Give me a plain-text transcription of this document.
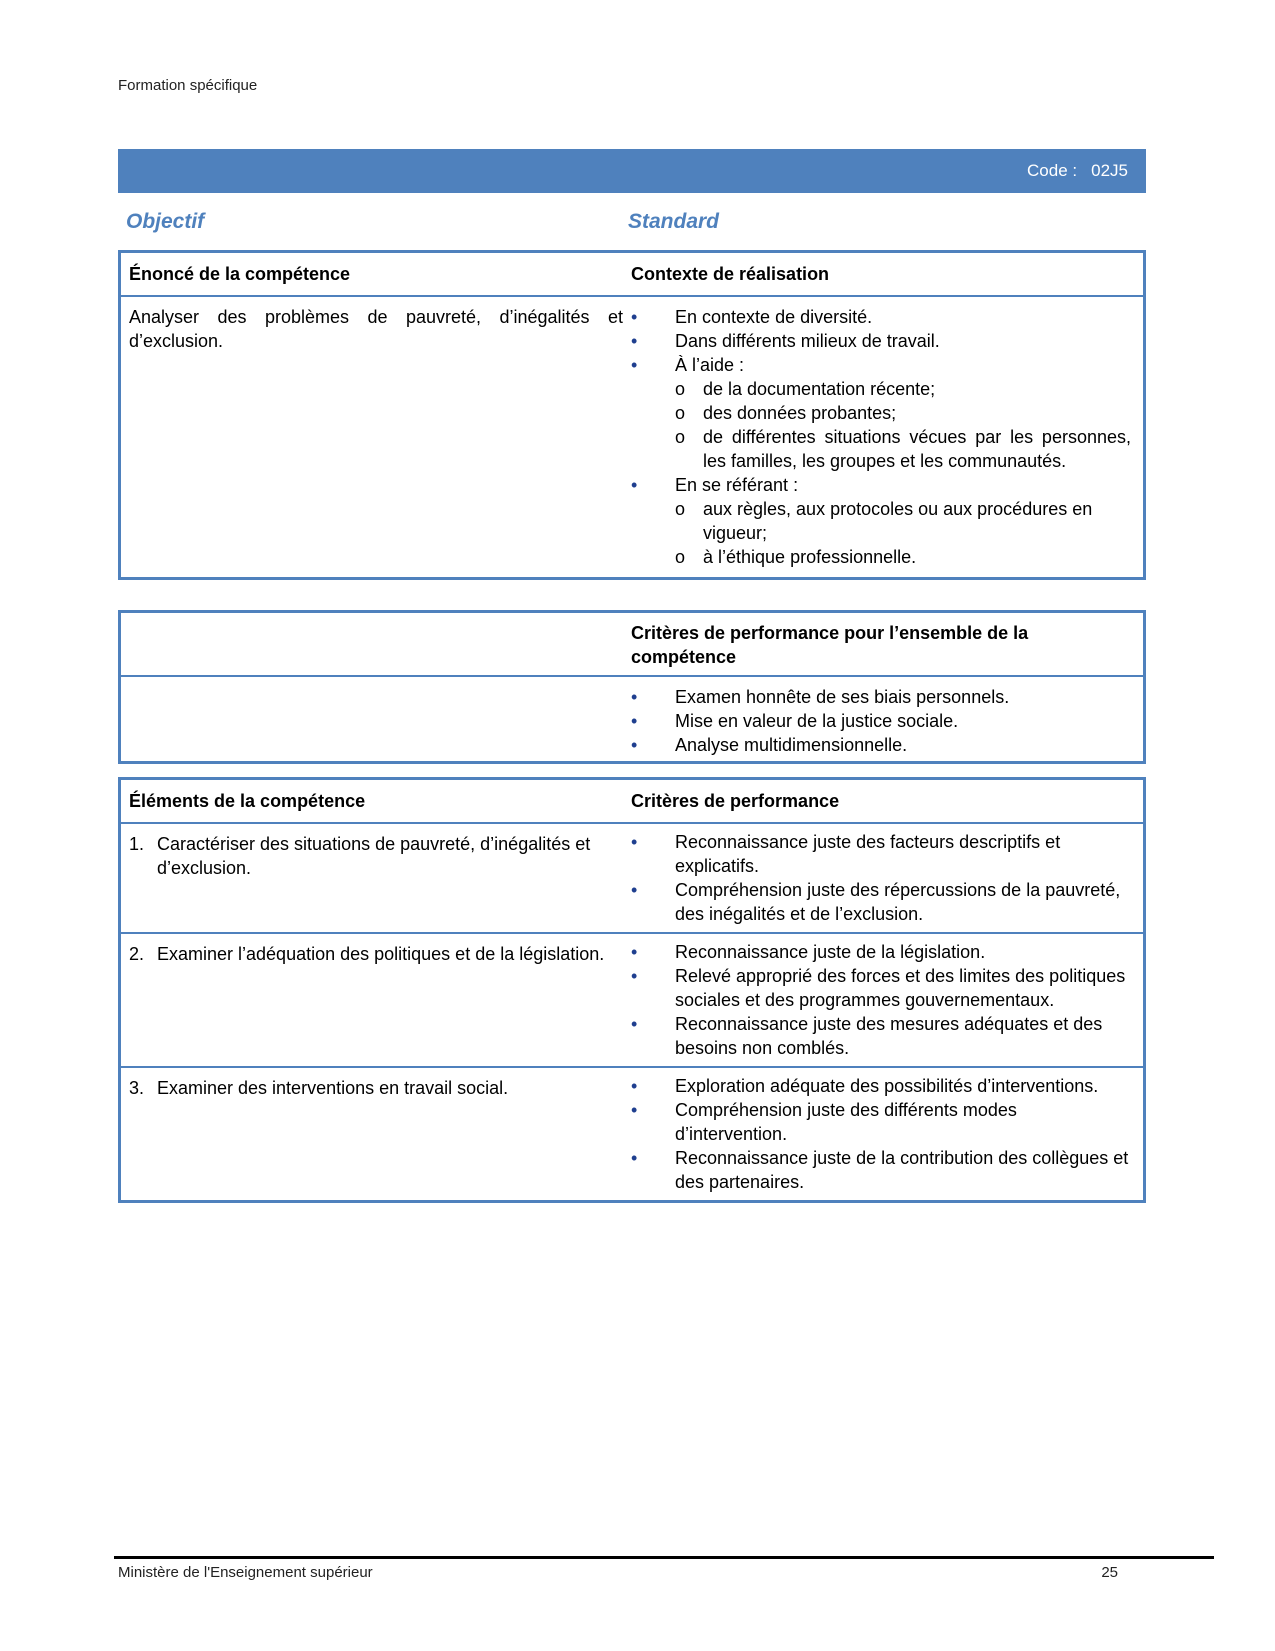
Formation spécifique
Code : 02J5
Objectif	Standard
Énoncé de la compétence	Contexte de réalisation
Analyser des problèmes de pauvreté, d’inégalités et d’exclusion.
• En contexte de diversité.
• Dans différents milieux de travail.
• À l’aide :
o de la documentation récente;
o des données probantes;
o de différentes situations vécues par les personnes, les familles, les groupes et les communautés.
• En se référant :
o aux règles, aux protocoles ou aux procédures en vigueur;
o à l’éthique professionnelle.
Critères de performance pour l’ensemble de la compétence
• Examen honnête de ses biais personnels.
• Mise en valeur de la justice sociale.
• Analyse multidimensionnelle.
Éléments de la compétence	Critères de performance
1. Caractériser des situations de pauvreté, d’inégalités et d’exclusion.
• Reconnaissance juste des facteurs descriptifs et explicatifs.
• Compréhension juste des répercussions de la pauvreté, des inégalités et de l’exclusion.
2. Examiner l’adéquation des politiques et de la législation.	• Reconnaissance juste de la législation.
• Relevé approprié des forces et des limites des politiques sociales et des programmes gouvernementaux.
• Reconnaissance juste des mesures adéquates et des besoins non comblés.
3. Examiner des interventions en travail social.	• Exploration adéquate des possibilités d’interventions.
• Compréhension juste des différents modes d’intervention.
• Reconnaissance juste de la contribution des collègues et des partenaires.
Ministère de l'Enseignement supérieur	25
